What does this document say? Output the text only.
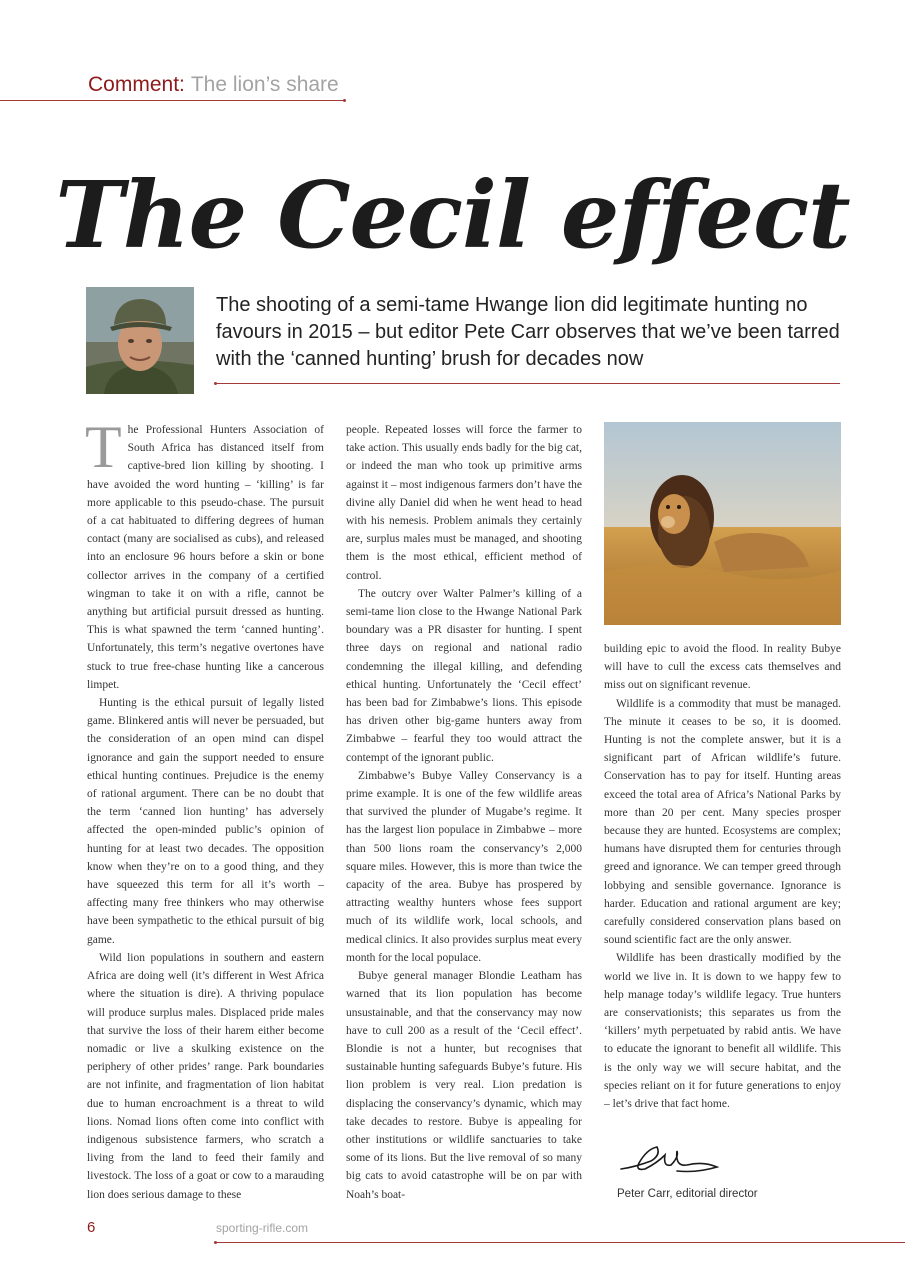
Comment: The lion’s share
The Cecil effect
The shooting of a semi-tame Hwange lion did legitimate hunting no favours in 2015 – but editor Pete Carr observes that we’ve been tarred with the ‘canned hunting’ brush for decades now

The Professional Hunters Association of South Africa has distanced itself from captive-bred lion killing by shooting. I have avoided the word hunting – ‘killing’ is far more applicable to this pseudo-chase. The pursuit of a cat habituated to differing degrees of human contact (many are socialised as cubs), and released into an enclosure 96 hours before a skin or bone collector arrives in the company of a certified wingman to take it on with a rifle, cannot be anything but artificial pursuit dressed as hunting. This is what spawned the term ‘canned hunting’. Unfortunately, this term’s negative overtones have stuck to true free-chase hunting like a cancerous limpet.

Hunting is the ethical pursuit of legally listed game. Blinkered antis will never be persuaded, but the consideration of an open mind can dispel ignorance and gain the support needed to ensure ethical hunting continues. Prejudice is the enemy of rational argument. There can be no doubt that the term ‘canned lion hunting’ has adversely affected the open-minded public’s opinion of hunting for at least two decades. The opposition know when they’re on to a good thing, and they have squeezed this term for all it’s worth – affecting many free thinkers who may otherwise have been sympathetic to the ethical pursuit of big game.

Wild lion populations in southern and eastern Africa are doing well (it’s different in West Africa where the situation is dire). A thriving populace will produce surplus males. Displaced pride males that survive the loss of their harem either become nomadic or live a skulking existence on the periphery of other prides’ range. Park boundaries are not infinite, and fragmentation of lion habitat due to human encroachment is a threat to wild lions. Nomad lions often come into conflict with indigenous subsistence farmers, who scratch a living from the land to feed their family and livestock. The loss of a goat or cow to a marauding lion does serious damage to these

people. Repeated losses will force the farmer to take action. This usually ends badly for the big cat, or indeed the man who took up primitive arms against it – most indigenous farmers don’t have the divine ally Daniel did when he went head to head with his nemesis. Problem animals they certainly are, surplus males must be managed, and shooting them is the most ethical, efficient method of control.

The outcry over Walter Palmer’s killing of a semi-tame lion close to the Hwange National Park boundary was a PR disaster for hunting. I spent three days on regional and national radio condemning the illegal killing, and defending ethical hunting. Unfortunately the ‘Cecil effect’ has been bad for Zimbabwe’s lions. This episode has driven other big-game hunters away from Zimbabwe – fearful they too would attract the contempt of the ignorant public.

Zimbabwe’s Bubye Valley Conservancy is a prime example. It is one of the few wildlife areas that survived the plunder of Mugabe’s regime. It has the largest lion populace in Zimbabwe – more than 500 lions roam the conservancy’s 2,000 square miles. However, this is more than twice the capacity of the area. Bubye has prospered by attracting wealthy hunters whose fees support much of its wildlife work, local schools, and medical clinics. It also provides surplus meat every month for the local populace.

Bubye general manager Blondie Leatham has warned that its lion population has become unsustainable, and that the conservancy may now have to cull 200 as a result of the ‘Cecil effect’. Blondie is not a hunter, but recognises that sustainable hunting safeguards Bubye’s future. His lion problem is very real. Lion predation is displacing the conservancy’s dynamic, which may take decades to restore. Bubye is appealing for other institutions or wildlife sanctuaries to take some of its lions. But the live removal of so many big cats to avoid catastrophe will be on par with Noah’s boat-

building epic to avoid the flood. In reality Bubye will have to cull the excess cats themselves and miss out on significant revenue.

Wildlife is a commodity that must be managed. The minute it ceases to be so, it is doomed. Hunting is not the complete answer, but it is a significant part of African wildlife’s future. Conservation has to pay for itself. Hunting areas exceed the total area of Africa’s National Parks by more than 20 per cent. Many species prosper because they are hunted. Ecosystems are complex; humans have disrupted them for centuries through greed and ignorance. We can temper greed through lobbying and sensible governance. Ignorance is harder. Education and rational argument are key; carefully considered conservation plans based on sound scientific fact are the only answer.

Wildlife has been drastically modified by the world we live in. It is down to we happy few to help manage today’s wildlife legacy. True hunters are conservationists; this separates us from the ‘killers’ myth perpetuated by rabid antis. We have to educate the ignorant to benefit all wildlife. This is the only way we will secure habitat, and the species reliant on it for future generations to enjoy – let’s drive that fact home.

Peter Carr, editorial director
6	sporting-rifle.com
